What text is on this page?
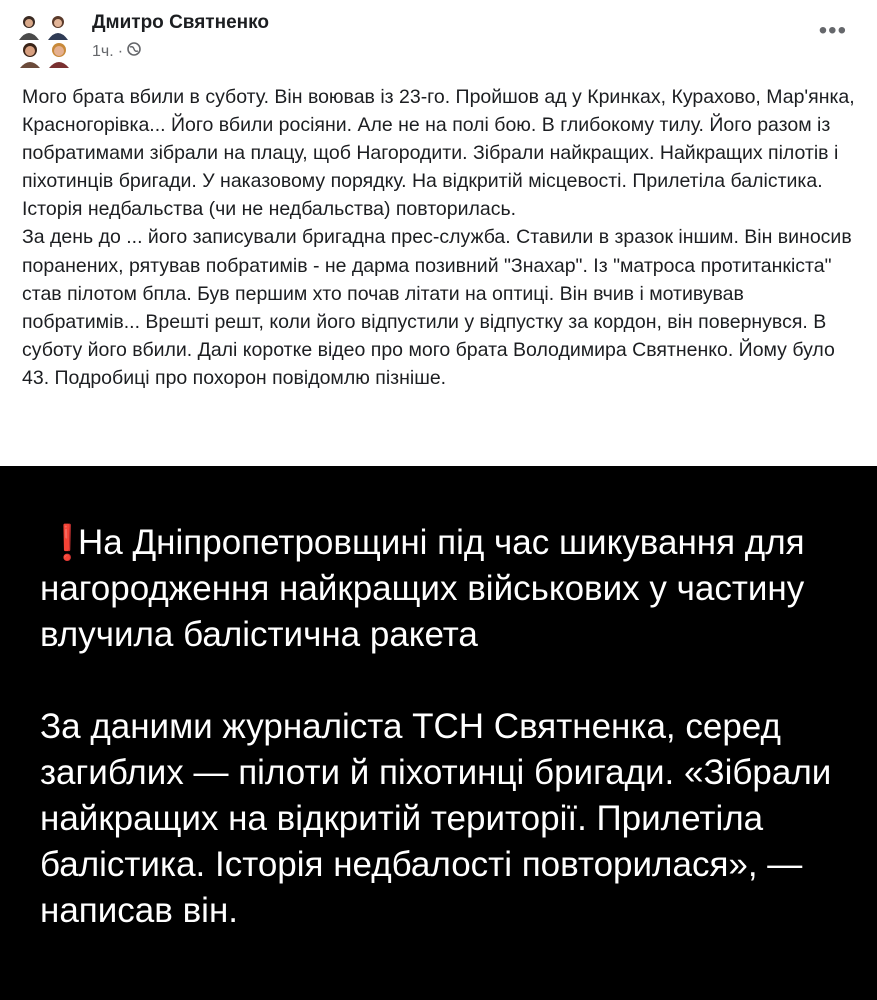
Дмитро Святненко
1ч. ·
•••

Мого брата вбили в суботу. Він воював із 23-го. Пройшов ад у Кринках, Курахово, Мар'янка, Красногорівка... Його вбили росіяни. Але не на полі бою. В глибокому тилу. Його разом із побратимами зібрали на плацу, щоб Нагородити. Зібрали найкращих. Найкращих пілотів і піхотинців бригади. У наказовому порядку. На відкритій місцевості. Прилетіла балістика. Історія недбальства (чи не недбальства) повторилась.

За день до ... його записували бригадна прес-служба. Ставили в зразок іншим. Він виносив поранених, рятував побратимів - не дарма позивний "Знахар". Із "матроса протитанкіста" став пілотом бпла. Був першим хто почав літати на оптиці. Він вчив і мотивував побратимів... Врешті решт, коли його відпустили у відпустку за кордон, він повернувся. В суботу його вбили. Далі коротке відео про мого брата Володимира Святненко. Йому було 43. Подробиці про похорон повідомлю пізніше.

❗На Дніпропетровщині під час шикування для нагородження найкращих військових у частину влучила балістична ракета

За даними журналіста ТСН Святненка, серед загиблих — пілоти й піхотинці бригади. «Зібрали найкращих на відкритій території. Прилетіла балістика. Історія недбалості повторилася», — написав він.
